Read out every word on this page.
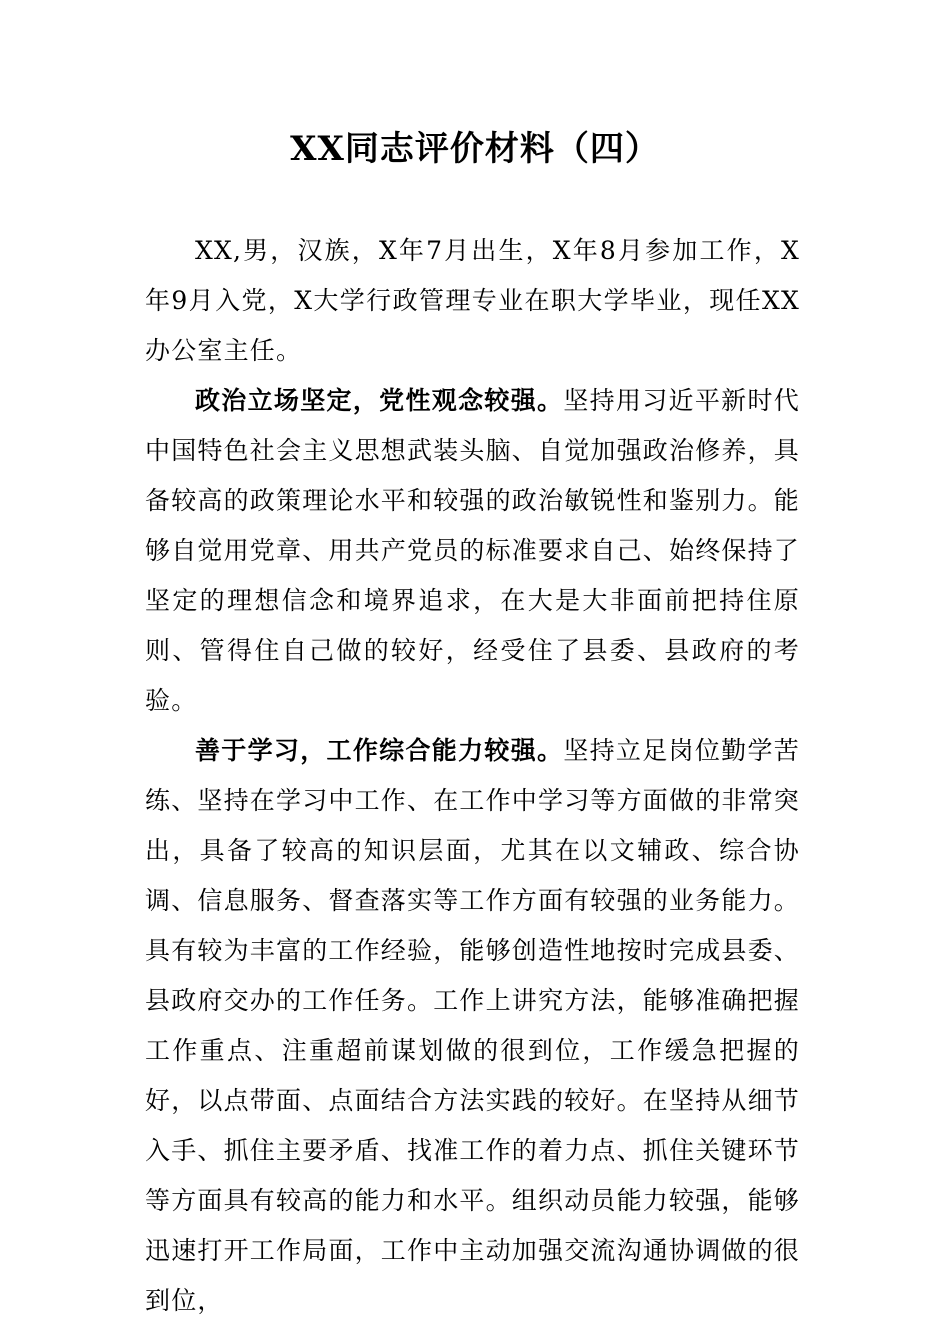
XX同志评价材料（四）

XX,男，汉族，X年7月出生，X年8月参加工作，X年9月入党，X大学行政管理专业在职大学毕业，现任XX办公室主任。

政治立场坚定，党性观念较强。坚持用习近平新时代中国特色社会主义思想武装头脑、自觉加强政治修养，具备较高的政策理论水平和较强的政治敏锐性和鉴别力。能够自觉用党章、用共产党员的标准要求自己、始终保持了坚定的理想信念和境界追求，在大是大非面前把持住原则、管得住自己做的较好，经受住了县委、县政府的考验。

善于学习，工作综合能力较强。坚持立足岗位勤学苦练、坚持在学习中工作、在工作中学习等方面做的非常突出，具备了较高的知识层面，尤其在以文辅政、综合协调、信息服务、督查落实等工作方面有较强的业务能力。具有较为丰富的工作经验，能够创造性地按时完成县委、县政府交办的工作任务。工作上讲究方法，能够准确把握工作重点、注重超前谋划做的很到位，工作缓急把握的好，以点带面、点面结合方法实践的较好。在坚持从细节入手、抓住主要矛盾、找准工作的着力点、抓住关键环节等方面具有较高的能力和水平。组织动员能力较强，能够迅速打开工作局面，工作中主动加强交流沟通协调做的很到位，
